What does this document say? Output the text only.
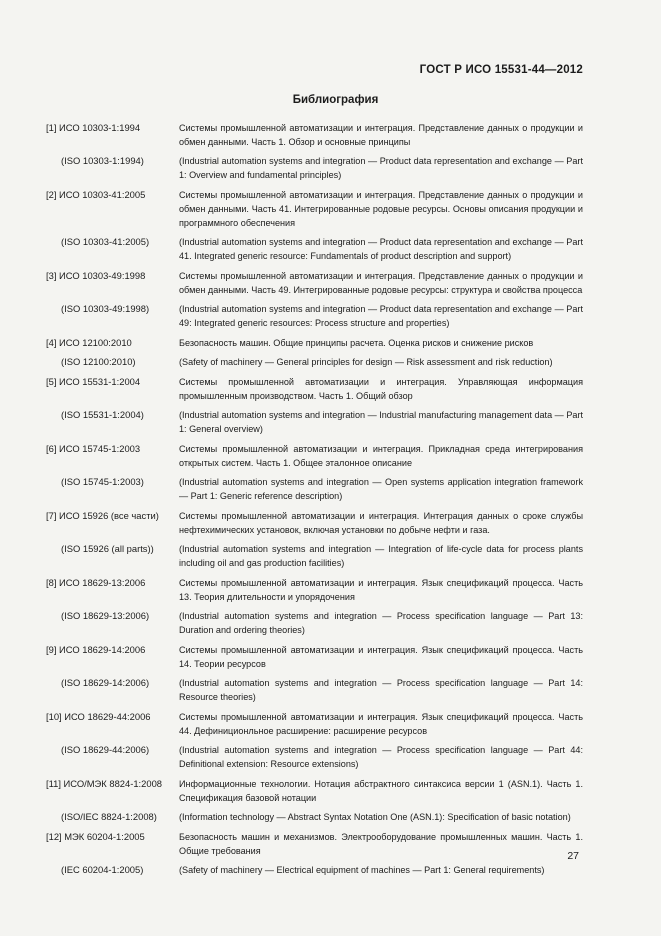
ГОСТ Р ИСО 15531-44—2012
Библиография
[1] ИСО 10303-1:1994	Системы промышленной автоматизации и интеграция. Представление данных о продукции и обмен данными. Часть 1. Обзор и основные принципы
(ISO 10303-1:1994)	(Industrial automation systems and integration — Product data representation and exchange — Part 1: Overview and fundamental principles)
[2] ИСО 10303-41:2005	Системы промышленной автоматизации и интеграция. Представление данных о продукции и обмен данными. Часть 41. Интегрированные родовые ресурсы. Основы описания продукции и программного обеспечения
(ISO 10303-41:2005)	(Industrial automation systems and integration — Product data representation and exchange — Part 41. Integrated generic resource: Fundamentals of product description and support)
[3] ИСО 10303-49:1998	Системы промышленной автоматизации и интеграция. Представление данных о продукции и обмен данными. Часть 49. Интегрированные родовые ресурсы: структура и свойства процесса
(ISO 10303-49:1998)	(Industrial automation systems and integration — Product data representation and exchange — Part 49: Integrated generic resources: Process structure and properties)
[4] ИСО 12100:2010	Безопасность машин. Общие принципы расчета. Оценка рисков и снижение рисков
(ISO 12100:2010)	(Safety of machinery — General principles for design — Risk assessment and risk reduction)
[5] ИСО 15531-1:2004	Системы промышленной автоматизации и интеграция. Управляющая информация промышленным производством. Часть 1. Общий обзор
(ISO 15531-1:2004)	(Industrial automation systems and integration — Industrial manufacturing management data — Part 1: General overview)
[6] ИСО 15745-1:2003	Системы промышленной автоматизации и интеграция. Прикладная среда интегрирования открытых систем. Часть 1. Общее эталонное описание
(ISO 15745-1:2003)	(Industrial automation systems and integration — Open systems application integration framework — Part 1: Generic reference description)
[7] ИСО 15926 (все части)	Системы промышленной автоматизации и интеграция. Интеграция данных о сроке службы нефтехимических установок, включая установки по добыче нефти и газа.
(ISO 15926 (all parts))	(Industrial automation systems and integration — Integration of life-cycle data for process plants including oil and gas production facilities)
[8] ИСО 18629-13:2006	Системы промышленной автоматизации и интеграция. Язык спецификаций процесса. Часть 13. Теория длительности и упорядочения
(ISO 18629-13:2006)	(Industrial automation systems and integration — Process specification language — Part 13: Duration and ordering theories)
[9] ИСО 18629-14:2006	Системы промышленной автоматизации и интеграция. Язык спецификаций процесса. Часть 14. Теории ресурсов
(ISO 18629-14:2006)	(Industrial automation systems and integration — Process specification language — Part 14: Resource theories)
[10] ИСО 18629-44:2006	Системы промышленной автоматизации и интеграция. Язык спецификаций процесса. Часть 44. Дефиниционльное расширение: расширение ресурсов
(ISO 18629-44:2006)	(Industrial automation systems and integration — Process specification language — Part 44: Definitional extension: Resource extensions)
[11] ИСО/МЭК 8824-1:2008	Информационные технологии. Нотация абстрактного синтаксиса версии 1 (ASN.1). Часть 1. Спецификация базовой нотации
(ISO/IEC 8824-1:2008)	(Information technology — Abstract Syntax Notation One (ASN.1): Specification of basic notation)
[12] МЭК 60204-1:2005	Безопасность машин и механизмов. Электрооборудование промышленных машин. Часть 1. Общие требования
(IEC 60204-1:2005)	(Safety of machinery — Electrical equipment of machines — Part 1: General requirements)
27
